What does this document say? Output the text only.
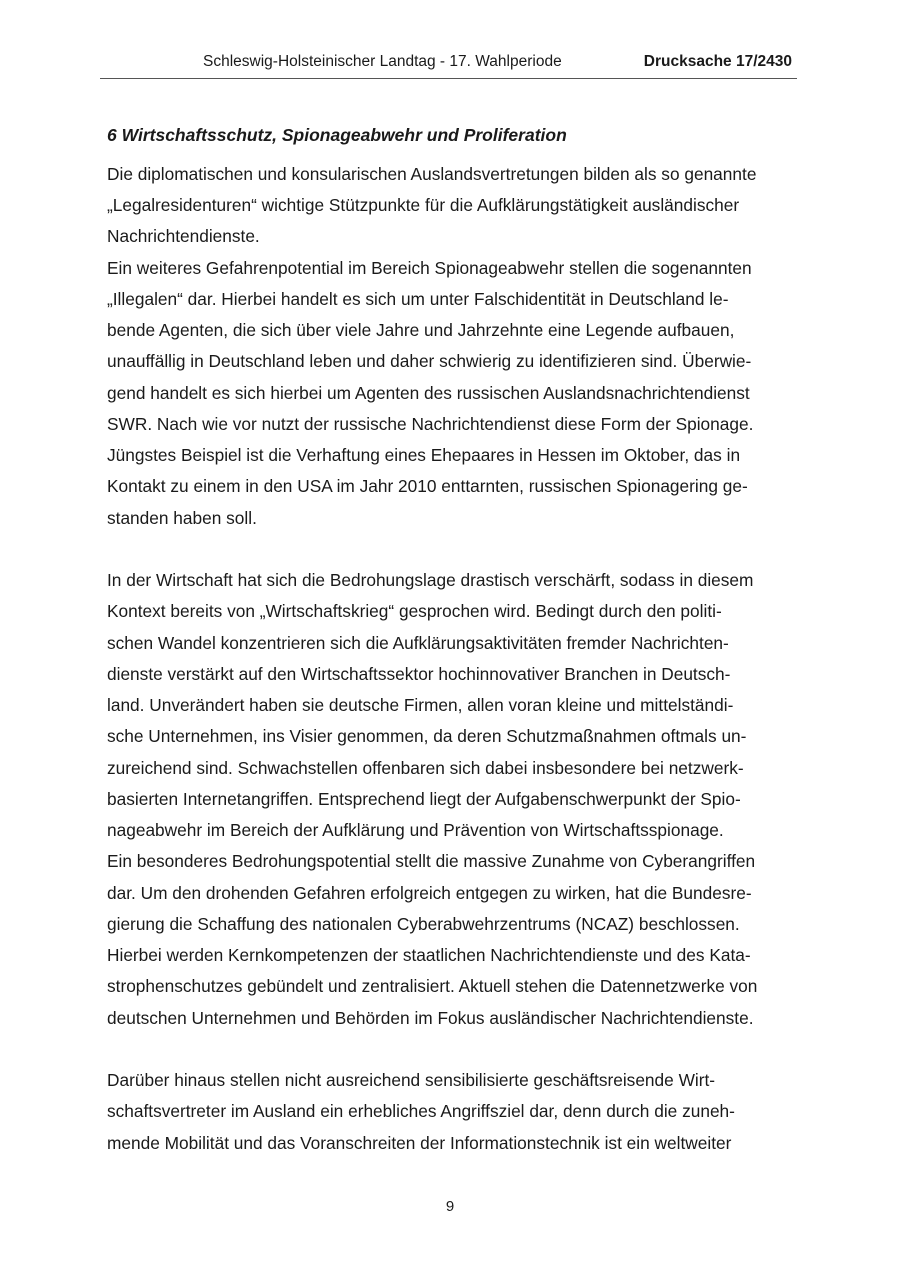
Schleswig-Holsteinischer Landtag - 17. Wahlperiode	Drucksache 17/2430
6 Wirtschaftsschutz, Spionageabwehr und Proliferation
Die diplomatischen und konsularischen Auslandsvertretungen bilden als so genannte
„Legalresidenturen“ wichtige Stützpunkte für die Aufklärungstätigkeit ausländischer
Nachrichtendienste.
Ein weiteres Gefahrenpotential im Bereich Spionageabwehr stellen die sogenannten
„Illegalen“ dar. Hierbei handelt es sich um unter Falschidentität in Deutschland le-
bende Agenten, die sich über viele Jahre und Jahrzehnte eine Legende aufbauen,
unauffällig in Deutschland leben und daher schwierig zu identifizieren sind. Überwie-
gend handelt es sich hierbei um Agenten des russischen Auslandsnachrichtendienst
SWR. Nach wie vor nutzt der russische Nachrichtendienst diese Form der Spionage.
Jüngstes Beispiel ist die Verhaftung eines Ehepaares in Hessen im Oktober, das in
Kontakt zu einem in den USA im Jahr 2010 enttarnten, russischen Spionagering ge-
standen haben soll.
In der Wirtschaft hat sich die Bedrohungslage drastisch verschärft, sodass in diesem
Kontext bereits von „Wirtschaftskrieg“ gesprochen wird. Bedingt durch den politi-
schen Wandel konzentrieren sich die Aufklärungsaktivitäten fremder Nachrichten-
dienste verstärkt auf den Wirtschaftssektor hochinnovativer Branchen in Deutsch-
land. Unverändert haben sie deutsche Firmen, allen voran kleine und mittelständi-
sche Unternehmen, ins Visier genommen, da deren Schutzmaßnahmen oftmals un-
zureichend sind. Schwachstellen offenbaren sich dabei insbesondere bei netzwerk-
basierten Internetangriffen. Entsprechend liegt der Aufgabenschwerpunkt der Spio-
nageabwehr im Bereich der Aufklärung und Prävention von Wirtschaftsspionage.
Ein besonderes Bedrohungspotential stellt die massive Zunahme von Cyberangriffen
dar. Um den drohenden Gefahren erfolgreich entgegen zu wirken, hat die Bundesre-
gierung die Schaffung des nationalen Cyberabwehrzentrums (NCAZ) beschlossen.
Hierbei werden Kernkompetenzen der staatlichen Nachrichtendienste und des Kata-
strophenschutzes gebündelt und zentralisiert. Aktuell stehen die Datennetzwerke von
deutschen Unternehmen und Behörden im Fokus ausländischer Nachrichtendienste.
Darüber hinaus stellen nicht ausreichend sensibilisierte geschäftsreisende Wirt-
schaftsvertreter im Ausland ein erhebliches Angriffsziel dar, denn durch die zuneh-
mende Mobilität und das Voranschreiten der Informationstechnik ist ein weltweiter
9
